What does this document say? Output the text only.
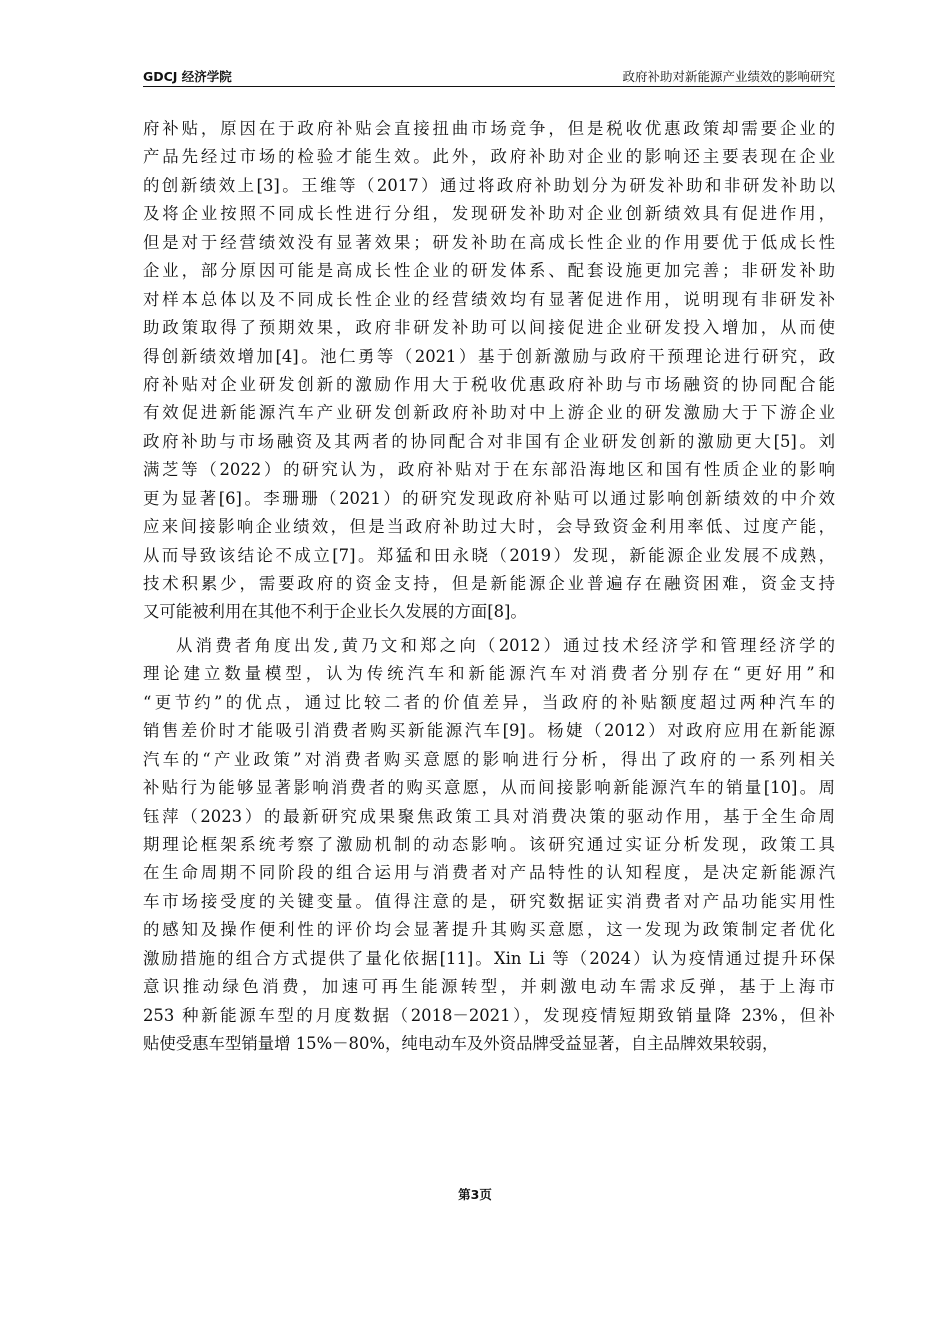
GDCJ 经济学院	政府补助对新能源产业绩效的影响研究
府补贴，原因在于政府补贴会直接扭曲市场竞争，但是税收优惠政策却需要企业的
产品先经过市场的检验才能生效。此外，政府补助对企业的影响还主要表现在企业
的创新绩效上[3]。王维等（2017）通过将政府补助划分为研发补助和非研发补助以
及将企业按照不同成长性进行分组，发现研发补助对企业创新绩效具有促进作用，
但是对于经营绩效没有显著效果；研发补助在高成长性企业的作用要优于低成长性
企业，部分原因可能是高成长性企业的研发体系、配套设施更加完善；非研发补助
对样本总体以及不同成长性企业的经营绩效均有显著促进作用，说明现有非研发补
助政策取得了预期效果，政府非研发补助可以间接促进企业研发投入增加，从而使
得创新绩效增加[4]。池仁勇等（2021）基于创新激励与政府干预理论进行研究，政
府补贴对企业研发创新的激励作用大于税收优惠政府补助与市场融资的协同配合能
有效促进新能源汽车产业研发创新政府补助对中上游企业的研发激励大于下游企业
政府补助与市场融资及其两者的协同配合对非国有企业研发创新的激励更大[5]。刘
满芝等（2022）的研究认为，政府补贴对于在东部沿海地区和国有性质企业的影响
更为显著[6]。李珊珊（2021）的研究发现政府补贴可以通过影响创新绩效的中介效
应来间接影响企业绩效，但是当政府补助过大时，会导致资金利用率低、过度产能，
从而导致该结论不成立[7]。郑猛和田永晓（2019）发现，新能源企业发展不成熟，
技术积累少，需要政府的资金支持，但是新能源企业普遍存在融资困难，资金支持
又可能被利用在其他不利于企业长久发展的方面[8]。
从消费者角度出发,黄乃文和郑之向（2012）通过技术经济学和管理经济学的
理论建立数量模型，认为传统汽车和新能源汽车对消费者分别存在“更好用”和
“更节约”的优点，通过比较二者的价值差异，当政府的补贴额度超过两种汽车的
销售差价时才能吸引消费者购买新能源汽车[9]。杨婕（2012）对政府应用在新能源
汽车的“产业政策”对消费者购买意愿的影响进行分析，得出了政府的一系列相关
补贴行为能够显著影响消费者的购买意愿，从而间接影响新能源汽车的销量[10]。周
钰萍（2023）的最新研究成果聚焦政策工具对消费决策的驱动作用，基于全生命周
期理论框架系统考察了激励机制的动态影响。该研究通过实证分析发现，政策工具
在生命周期不同阶段的组合运用与消费者对产品特性的认知程度，是决定新能源汽
车市场接受度的关键变量。值得注意的是，研究数据证实消费者对产品功能实用性
的感知及操作便利性的评价均会显著提升其购买意愿，这一发现为政策制定者优化
激励措施的组合方式提供了量化依据[11]。Xin Li 等（2024）认为疫情通过提升环保
意识推动绿色消费，加速可再生能源转型，并刺激电动车需求反弹，基于上海市
253 种新能源车型的月度数据（2018－2021），发现疫情短期致销量降 23%，但补
贴使受惠车型销量增 15%－80%，纯电动车及外资品牌受益显著，自主品牌效果较弱，
第3页
